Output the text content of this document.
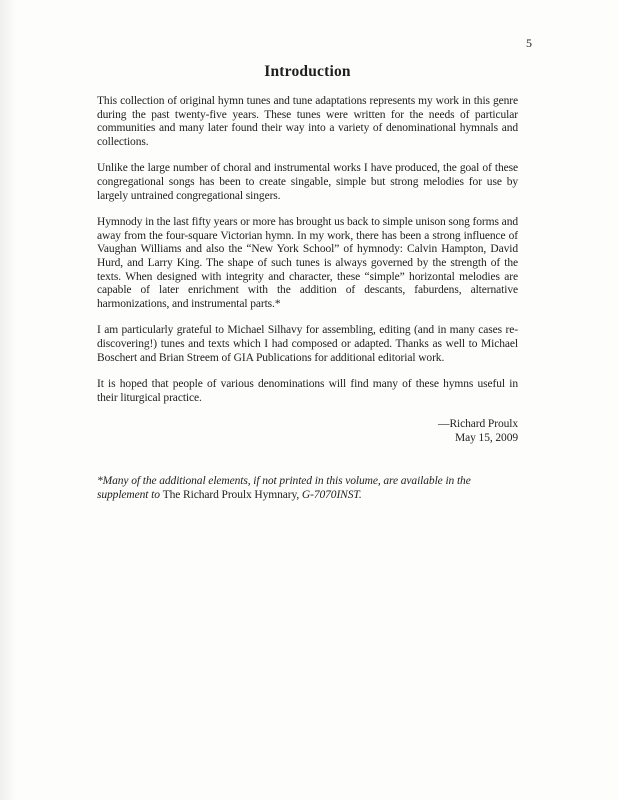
5
Introduction

This collection of original hymn tunes and tune adaptations represents my work in this genre during the past twenty-five years. These tunes were written for the needs of particular communities and many later found their way into a variety of denominational hymnals and collections.

Unlike the large number of choral and instrumental works I have produced, the goal of these congregational songs has been to create singable, simple but strong melodies for use by largely untrained congregational singers.

Hymnody in the last fifty years or more has brought us back to simple unison song forms and away from the four-square Victorian hymn. In my work, there has been a strong influence of Vaughan Williams and also the “New York School” of hymnody: Calvin Hampton, David Hurd, and Larry King. The shape of such tunes is always governed by the strength of the texts. When designed with integrity and character, these “simple” horizontal melodies are capable of later enrichment with the addition of descants, faburdens, alternative harmonizations, and instrumental parts.*

I am particularly grateful to Michael Silhavy for assembling, editing (and in many cases re-discovering!) tunes and texts which I had composed or adapted. Thanks as well to Michael Boschert and Brian Streem of GIA Publications for additional editorial work.

It is hoped that people of various denominations will find many of these hymns useful in their liturgical practice.

—Richard Proulx
May 15, 2009

*Many of the additional elements, if not printed in this volume, are available in the supplement to The Richard Proulx Hymnary, G-7070INST.
